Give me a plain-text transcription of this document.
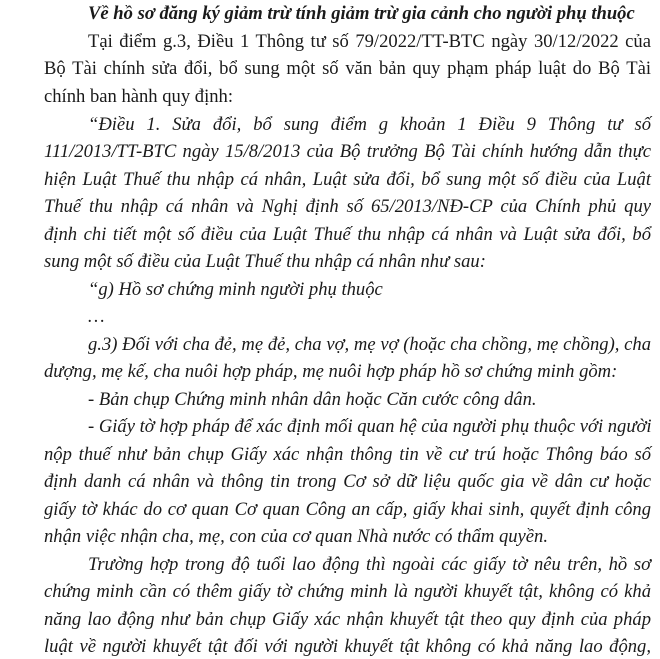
Về hồ sơ đăng ký giảm trừ tính giảm trừ gia cảnh cho người phụ thuộc
Tại điểm g.3, Điều 1 Thông tư số 79/2022/TT-BTC ngày 30/12/2022 của
Bộ Tài chính sửa đổi, bổ sung một số văn bản quy phạm pháp luật do Bộ Tài
chính ban hành quy định:
“Điều 1. Sửa đổi, bổ sung điểm g khoản 1 Điều 9 Thông tư số
111/2013/TT-BTC ngày 15/8/2013 của Bộ trưởng Bộ Tài chính hướng dẫn thực
hiện Luật Thuế thu nhập cá nhân, Luật sửa đổi, bổ sung một số điều của Luật
Thuế thu nhập cá nhân và Nghị định số 65/2013/NĐ-CP của Chính phủ quy
định chi tiết một số điều của Luật Thuế thu nhập cá nhân và Luật sửa đổi, bổ
sung một số điều của Luật Thuế thu nhập cá nhân như sau:
“g) Hồ sơ chứng minh người phụ thuộc
…
g.3) Đối với cha đẻ, mẹ đẻ, cha vợ, mẹ vợ (hoặc cha chồng, mẹ chồng), cha
dượng, mẹ kế, cha nuôi hợp pháp, mẹ nuôi hợp pháp hồ sơ chứng minh gồm:
- Bản chụp Chứng minh nhân dân hoặc Căn cước công dân.
- Giấy tờ hợp pháp để xác định mối quan hệ của người phụ thuộc với người
nộp thuế như bản chụp Giấy xác nhận thông tin về cư trú hoặc Thông báo số
định danh cá nhân và thông tin trong Cơ sở dữ liệu quốc gia về dân cư hoặc
giấy tờ khác do cơ quan Cơ quan Công an cấp, giấy khai sinh, quyết định công
nhận việc nhận cha, mẹ, con của cơ quan Nhà nước có thẩm quyền.
Trường hợp trong độ tuổi lao động thì ngoài các giấy tờ nêu trên, hồ sơ
chứng minh cần có thêm giấy tờ chứng minh là người khuyết tật, không có khả
năng lao động như bản chụp Giấy xác nhận khuyết tật theo quy định của pháp
luật về người khuyết tật đối với người khuyết tật không có khả năng lao động,
